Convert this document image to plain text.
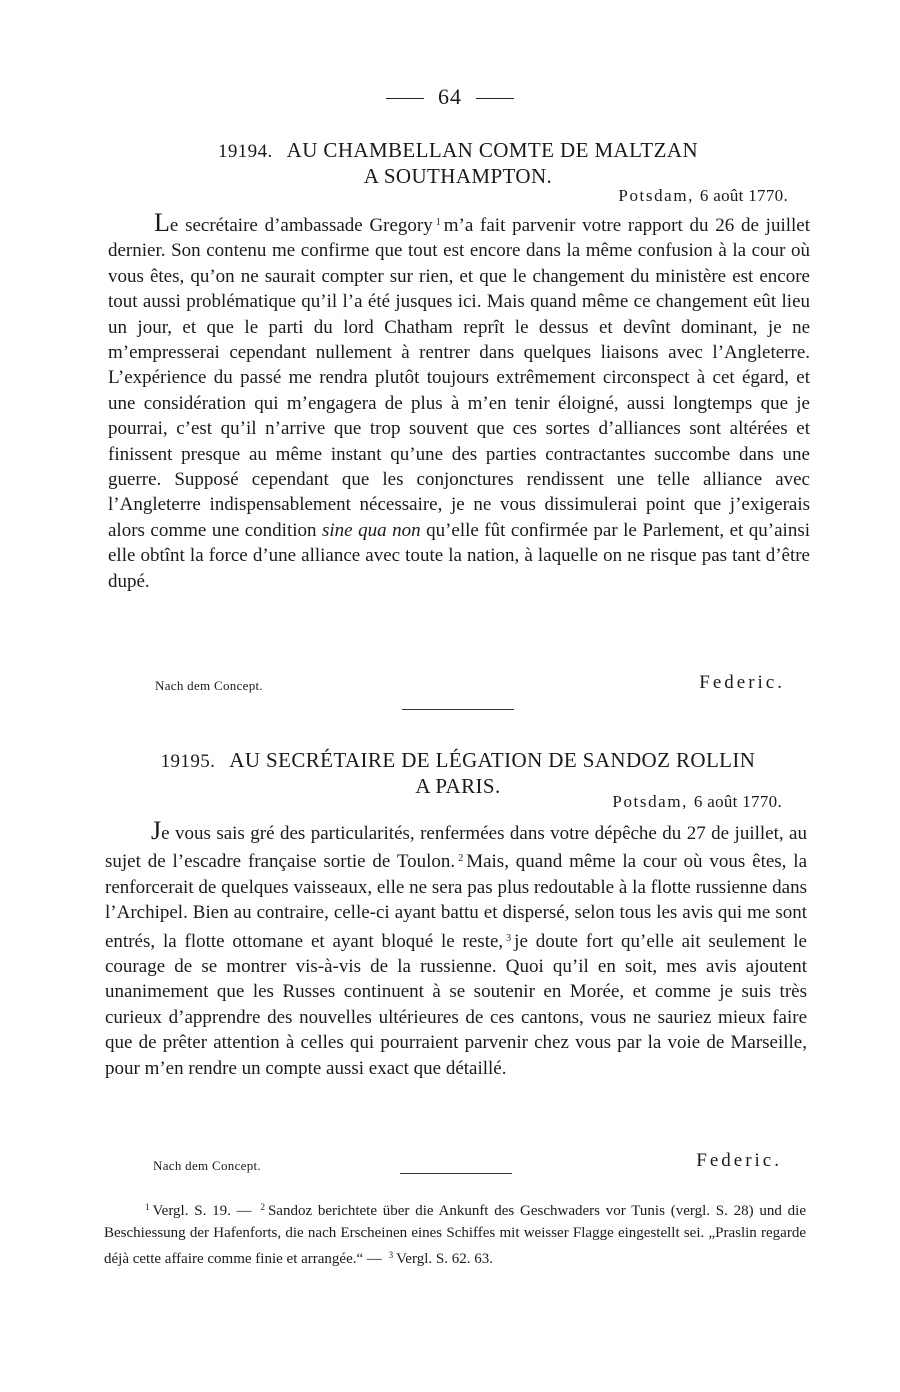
64
19194. AU CHAMBELLAN COMTE DE MALTZAN
A SOUTHAMPTON.
Potsdam, 6 août 1770.

Le secrétaire d’ambassade Gregory $^1$ m’a fait parvenir votre rapport du 26 de juillet dernier. Son contenu me confirme que tout est encore dans la même confusion à la cour où vous êtes, qu’on ne saurait compter sur rien, et que le changement du ministère est encore tout aussi problématique qu’il l’a été jusques ici. Mais quand même ce changement eût lieu un jour, et que le parti du lord Chatham reprît le dessus et devînt dominant, je ne m’empresserai cependant nullement à rentrer dans quelques liaisons avec l’Angleterre. L’expérience du passé me rendra plutôt toujours extrêmement circonspect à cet égard, et une considération qui m’engagera de plus à m’en tenir éloigné, aussi longtemps que je pourrai, c’est qu’il n’arrive que trop souvent que ces sortes d’alliances sont altérées et finissent presque au même instant qu’une des parties contractantes succombe dans une guerre. Supposé cependant que les conjonctures rendissent une telle alliance avec l’Angleterre indispensablement nécessaire, je ne vous dissimulerai point que j’exigerais alors comme une condition sine qua non qu’elle fût confirmée par le Parlement, et qu’ainsi elle obtînt la force d’une alliance avec toute la nation, à laquelle on ne risque pas tant d’être dupé.

Nach dem Concept.	Federic.
19195. AU SECRÉTAIRE DE LÉGATION DE SANDOZ ROLLIN
A PARIS.
Potsdam, 6 août 1770.

Je vous sais gré des particularités, renfermées dans votre dépêche du 27 de juillet, au sujet de l’escadre française sortie de Toulon. $^2$ Mais, quand même la cour où vous êtes, la renforcerait de quelques vaisseaux, elle ne sera pas plus redoutable à la flotte russienne dans l’Archipel. Bien au contraire, celle-ci ayant battu et dispersé, selon tous les avis qui me sont entrés, la flotte ottomane et ayant bloqué le reste, $^3$ je doute fort qu’elle ait seulement le courage de se montrer vis-à-vis de la russienne. Quoi qu’il en soit, mes avis ajoutent unanimement que les Russes continuent à se soutenir en Morée, et comme je suis très curieux d’apprendre des nouvelles ultérieures de ces cantons, vous ne sauriez mieux faire que de prêter attention à celles qui pourraient parvenir chez vous par la voie de Marseille, pour m’en rendre un compte aussi exact que détaillé.

Nach dem Concept.	Federic.

$^1$ Vergl. S. 19. — $^2$ Sandoz berichtete über die Ankunft des Geschwaders vor Tunis (vergl. S. 28) und die Beschiessung der Hafenforts, die nach Erscheinen eines Schiffes mit weisser Flagge eingestellt sei. „Praslin regarde déjà cette affaire comme finie et arrangée.“ — $^3$ Vergl. S. 62. 63.
